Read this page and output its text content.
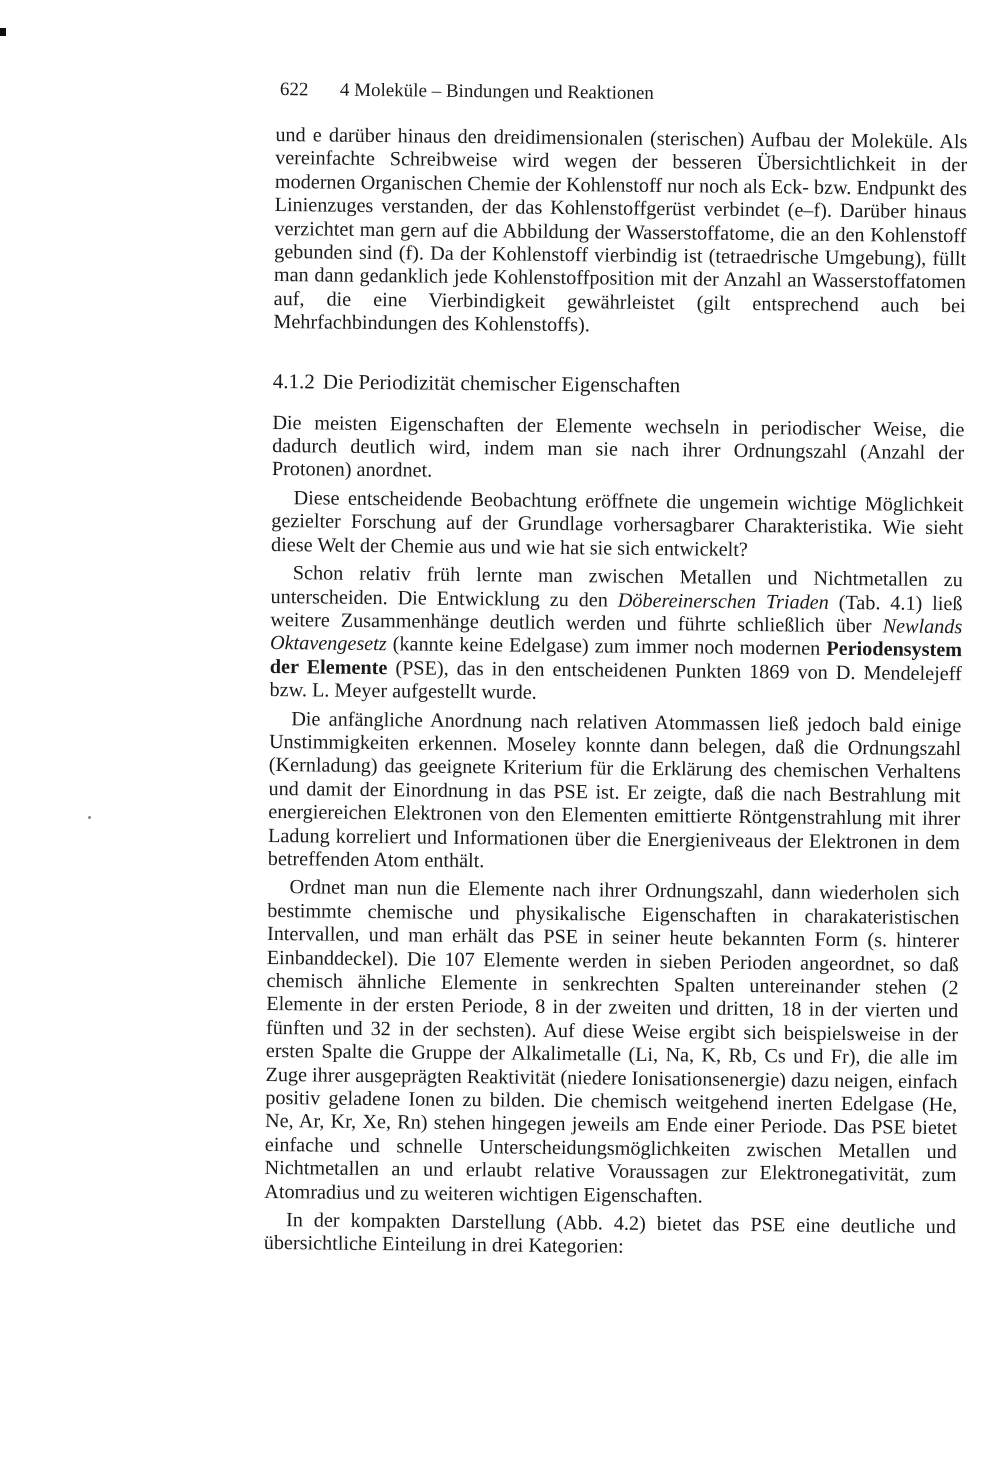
622 4 Moleküle – Bindungen und Reaktionen

und e darüber hinaus den dreidimensionalen (sterischen) Aufbau der Moleküle. Als vereinfachte Schreibweise wird wegen der besseren Übersichtlichkeit in der modernen Organischen Chemie der Kohlenstoff nur noch als Eck- bzw. Endpunkt des Linienzuges verstanden, der das Kohlenstoffgerüst verbindet (e–f). Darüber hinaus verzichtet man gern auf die Abbildung der Wasserstoffatome, die an den Kohlenstoff gebunden sind (f). Da der Kohlenstoff vierbindig ist (tetraedrische Umgebung), füllt man dann gedanklich jede Kohlenstoffposition mit der Anzahl an Wasserstoffatomen auf, die eine Vierbindigkeit gewährleistet (gilt entsprechend auch bei Mehrfachbindungen des Kohlenstoffs).

4.1.2 Die Periodizität chemischer Eigenschaften

Die meisten Eigenschaften der Elemente wechseln in periodischer Weise, die dadurch deutlich wird, indem man sie nach ihrer Ordnungszahl (Anzahl der Protonen) anordnet.

Diese entscheidende Beobachtung eröffnete die ungemein wichtige Möglichkeit gezielter Forschung auf der Grundlage vorhersagbarer Charakteristika. Wie sieht diese Welt der Chemie aus und wie hat sie sich entwickelt?

Schon relativ früh lernte man zwischen Metallen und Nichtmetallen zu unterscheiden. Die Entwicklung zu den Döbereinerschen Triaden (Tab. 4.1) ließ weitere Zusammenhänge deutlich werden und führte schließlich über Newlands Oktavengesetz (kannte keine Edelgase) zum immer noch modernen Periodensystem der Elemente (PSE), das in den entscheidenen Punkten 1869 von D. Mendelejeff bzw. L. Meyer aufgestellt wurde.

Die anfängliche Anordnung nach relativen Atommassen ließ jedoch bald einige Unstimmigkeiten erkennen. Moseley konnte dann belegen, daß die Ordnungszahl (Kernladung) das geeignete Kriterium für die Erklärung des chemischen Verhaltens und damit der Einordnung in das PSE ist. Er zeigte, daß die nach Bestrahlung mit energiereichen Elektronen von den Elementen emittierte Röntgenstrahlung mit ihrer Ladung korreliert und Informationen über die Energieniveaus der Elektronen in dem betreffenden Atom enthält.

Ordnet man nun die Elemente nach ihrer Ordnungszahl, dann wiederholen sich bestimmte chemische und physikalische Eigenschaften in charakateristischen Intervallen, und man erhält das PSE in seiner heute bekannten Form (s. hinterer Einbanddeckel). Die 107 Elemente werden in sieben Perioden angeordnet, so daß chemisch ähnliche Elemente in senkrechten Spalten untereinander stehen (2 Elemente in der ersten Periode, 8 in der zweiten und dritten, 18 in der vierten und fünften und 32 in der sechsten). Auf diese Weise ergibt sich beispielsweise in der ersten Spalte die Gruppe der Alkalimetalle (Li, Na, K, Rb, Cs und Fr), die alle im Zuge ihrer ausgeprägten Reaktivität (niedere Ionisationsenergie) dazu neigen, einfach positiv geladene Ionen zu bilden. Die chemisch weitgehend inerten Edelgase (He, Ne, Ar, Kr, Xe, Rn) stehen hingegen jeweils am Ende einer Periode. Das PSE bietet einfache und schnelle Unterscheidungsmöglichkeiten zwischen Metallen und Nichtmetallen an und erlaubt relative Voraussagen zur Elektronegativität, zum Atomradius und zu weiteren wichtigen Eigenschaften.

In der kompakten Darstellung (Abb. 4.2) bietet das PSE eine deutliche und übersichtliche Einteilung in drei Kategorien:
